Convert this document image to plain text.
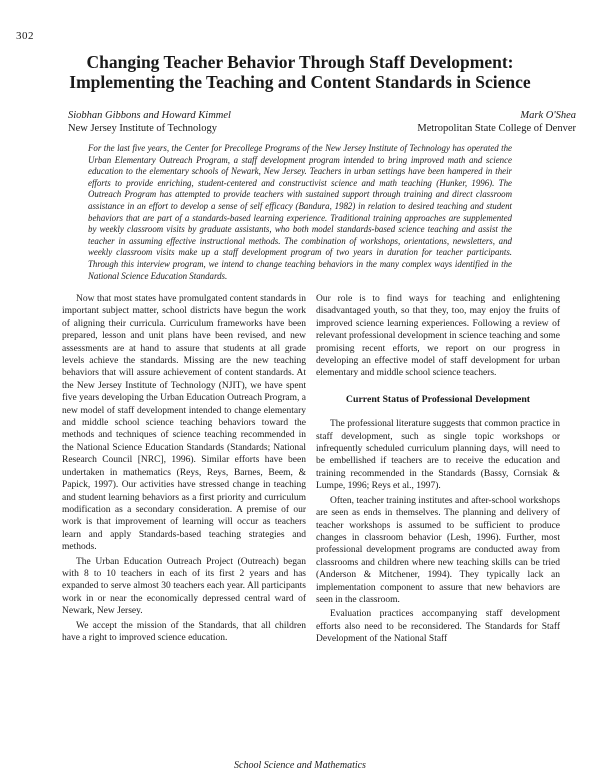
302
Changing Teacher Behavior Through Staff Development:
Implementing the Teaching and Content Standards in Science
Siobhan Gibbons and Howard Kimmel
New Jersey Institute of Technology
Mark O'Shea
Metropolitan State College of Denver
For the last five years, the Center for Precollege Programs of the New Jersey Institute of Technology has operated the Urban Elementary Outreach Program, a staff development program intended to bring improved math and science education to the elementary schools of Newark, New Jersey. Teachers in urban settings have been hampered in their efforts to provide enriching, student-centered and constructivist science and math teaching (Hunker, 1996). The Outreach Program has attempted to provide teachers with sustained support through training and direct classroom assistance in an effort to develop a sense of self efficacy (Bandura, 1982) in relation to desired teaching and student behaviors that are part of a standards-based learning experience. Traditional training approaches are supplemented by weekly classroom visits by graduate assistants, who both model standards-based science teaching and assist the teacher in assuming effective instructional methods. The combination of workshops, orientations, newsletters, and weekly classroom visits make up a staff development program of two years in duration for teacher participants. Through this interview program, we intend to change teaching behaviors in the many complex ways identified in the National Science Education Standards.

Now that most states have promulgated content standards in important subject matter, school districts have begun the work of aligning their curricula. Curriculum frameworks have been prepared, lesson and unit plans have been revised, and new assessments are at hand to assure that students at all grade levels achieve the standards. Missing are the new teaching behaviors that will assure achievement of content standards. At the New Jersey Institute of Technology (NJIT), we have spent five years developing the Urban Education Outreach Program, a new model of staff development intended to change elementary and middle school science teaching behaviors toward the methods and techniques of science teaching recommended in the National Science Education Standards (Standards; National Research Council [NRC], 1996). Similar efforts have been undertaken in mathematics (Reys, Reys, Barnes, Beem, & Papick, 1997). Our activities have stressed change in teaching and student learning behaviors as a first priority and curriculum modification as a secondary consideration. A premise of our work is that improvement of learning will occur as teachers learn and apply Standards-based teaching strategies and methods.

The Urban Education Outreach Project (Outreach) began with 8 to 10 teachers in each of its first 2 years and has expanded to serve almost 30 teachers each year. All participants work in or near the economically depressed central ward of Newark, New Jersey.

We accept the mission of the Standards, that all children have a right to improved science education.

Our role is to find ways for teaching and enlightening disadvantaged youth, so that they, too, may enjoy the fruits of improved science learning experiences. Following a review of relevant professional development in science teaching and some promising recent efforts, we report on our progress in developing an effective model of staff development for urban elementary and middle school science teachers.

Current Status of Professional Development

The professional literature suggests that common practice in staff development, such as single topic workshops or infrequently scheduled curriculum planning days, will need to be embellished if teachers are to receive the education and training recommended in the Standards (Bassy, Cornsiak & Lumpe, 1996; Reys et al., 1997).

Often, teacher training institutes and after-school workshops are seen as ends in themselves. The planning and delivery of teacher workshops is assumed to be sufficient to produce changes in classroom behavior (Lesh, 1996). Further, most professional development programs are conducted away from classrooms and children where new teaching skills can be tried (Anderson & Mitchener, 1994). They typically lack an implementation component to assure that new behaviors are seen in the classroom.

Evaluation practices accompanying staff development efforts also need to be reconsidered. The Standards for Staff Development of the National Staff

School Science and Mathematics
